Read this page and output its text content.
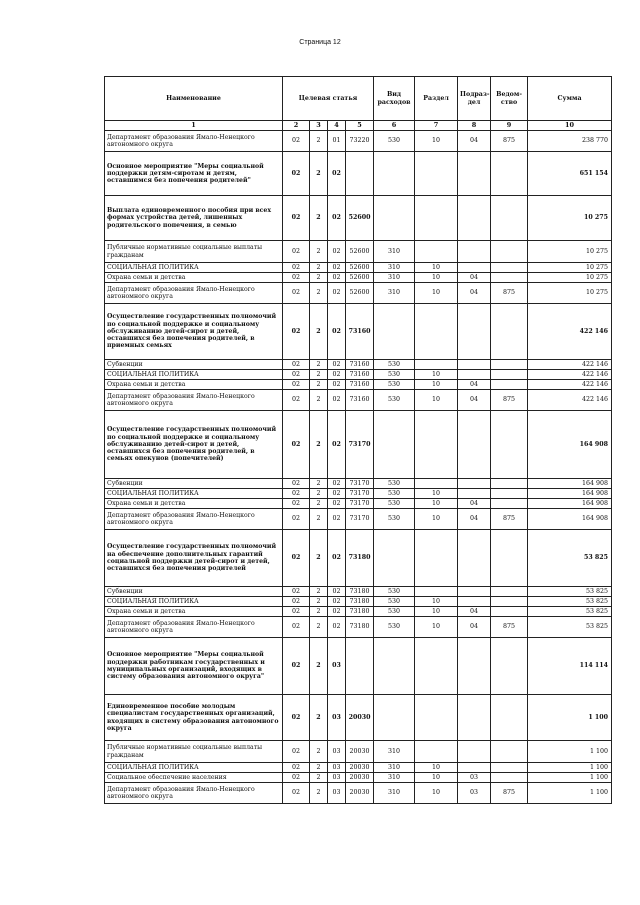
Страница 12
Наименование	Целевая статья				Вид расходов	Раздел	Подраз-дел	Ведом-ство	Сумма
1	2	3	4	5	6	7	8	9	10
Департамент образования Ямало-Ненецкого автономного округа	02	2	01	73220	530	10	04	875	238 770
Основное мероприятие "Меры социальной поддержки детям-сиротам и детям, оставшимся без попечения родителей"	02	2	02						651 154
Выплата единовременного пособия при всех формах устройства детей, лишенных родительского попечения, в семью	02	2	02	52600					10 275
Публичные нормативные социальные выплаты гражданам	02	2	02	52600	310				10 275
СОЦИАЛЬНАЯ ПОЛИТИКА	02	2	02	52600	310	10			10 275
Охрана семьи и детства	02	2	02	52600	310	10	04		10 275
Департамент образования Ямало-Ненецкого автономного округа	02	2	02	52600	310	10	04	875	10 275
Осуществление государственных полномочий по социальной поддержке и социальному обслуживанию детей-сирот и детей, оставшихся без попечения родителей, в приемных семьях	02	2	02	73160					422 146
Субвенции	02	2	02	73160	530				422 146
СОЦИАЛЬНАЯ ПОЛИТИКА	02	2	02	73160	530	10			422 146
Охрана семьи и детства	02	2	02	73160	530	10	04		422 146
Департамент образования Ямало-Ненецкого автономного округа	02	2	02	73160	530	10	04	875	422 146
Осуществление государственных полномочий по социальной поддержке и социальному обслуживанию детей-сирот и детей, оставшихся без попечения родителей, в семьях опекунов (попечителей)	02	2	02	73170					164 908
Субвенции	02	2	02	73170	530				164 908
СОЦИАЛЬНАЯ ПОЛИТИКА	02	2	02	73170	530	10			164 908
Охрана семьи и детства	02	2	02	73170	530	10	04		164 908
Департамент образования Ямало-Ненецкого автономного округа	02	2	02	73170	530	10	04	875	164 908
Осуществление государственных полномочий на обеспечение дополнительных гарантий социальной поддержки детей-сирот и детей, оставшихся без попечения родителей	02	2	02	73180					53 825
Субвенции	02	2	02	73180	530				53 825
СОЦИАЛЬНАЯ ПОЛИТИКА	02	2	02	73180	530	10			53 825
Охрана семьи и детства	02	2	02	73180	530	10	04		53 825
Департамент образования Ямало-Ненецкого автономного округа	02	2	02	73180	530	10	04	875	53 825
Основное мероприятие "Меры социальной поддержки работникам государственных и муниципальных организаций, входящих в систему образования автономного округа"	02	2	03						114 114
Единовременное пособие молодым специалистам государственных организаций, входящих в систему образования автономного округа	02	2	03	20030					1 100
Публичные нормативные социальные выплаты гражданам	02	2	03	20030	310				1 100
СОЦИАЛЬНАЯ ПОЛИТИКА	02	2	03	20030	310	10			1 100
Социальное обеспечение населения	02	2	03	20030	310	10	03		1 100
Департамент образования Ямало-Ненецкого автономного округа	02	2	03	20030	310	10	03	875	1 100
